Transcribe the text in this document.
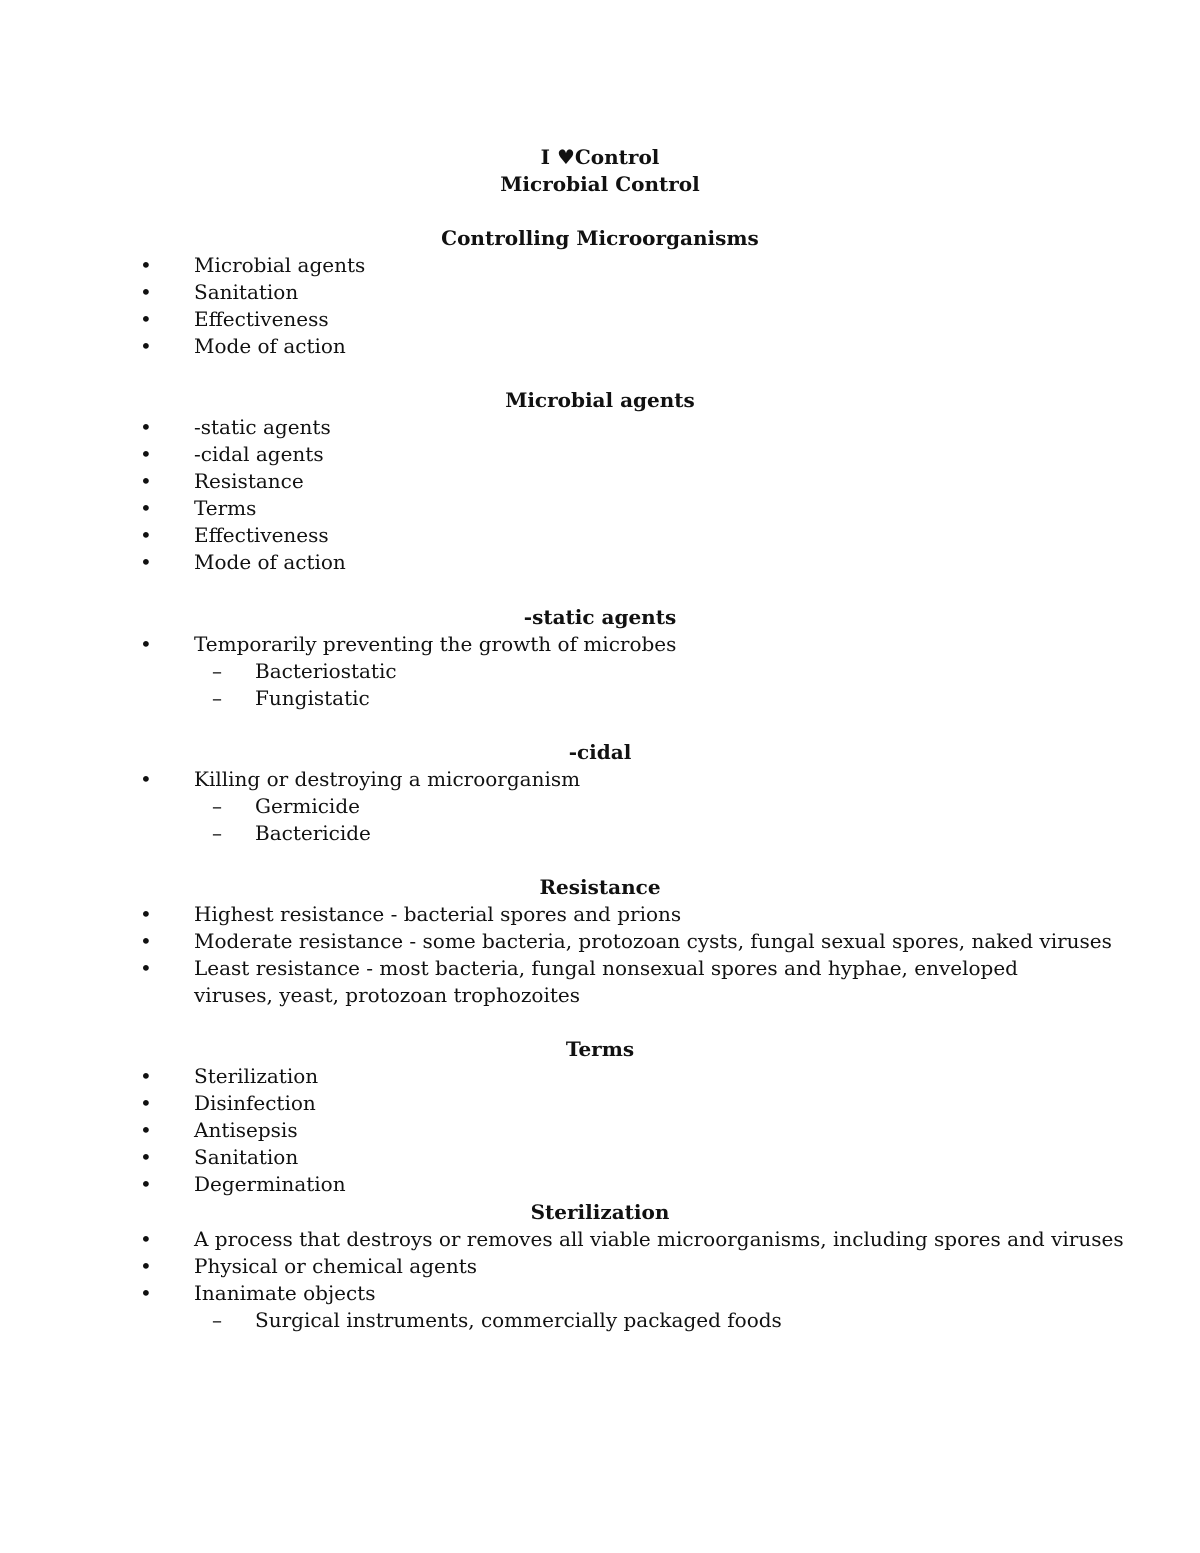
I ♥Control
Microbial Control
Controlling Microorganisms
• Microbial agents
• Sanitation
• Effectiveness
• Mode of action
Microbial agents
• -static agents
• -cidal agents
• Resistance
• Terms
• Effectiveness
• Mode of action
-static agents
• Temporarily preventing the growth of microbes
– Bacteriostatic
– Fungistatic
-cidal
• Killing or destroying a microorganism
– Germicide
– Bactericide
Resistance
• Highest resistance - bacterial spores and prions
• Moderate resistance - some bacteria, protozoan cysts, fungal sexual spores, naked viruses
• Least resistance - most bacteria, fungal nonsexual spores and hyphae, enveloped viruses, yeast, protozoan trophozoites
Terms
• Sterilization
• Disinfection
• Antisepsis
• Sanitation
• Degermination
Sterilization
• A process that destroys or removes all viable microorganisms, including spores and viruses
• Physical or chemical agents
• Inanimate objects
– Surgical instruments, commercially packaged foods
